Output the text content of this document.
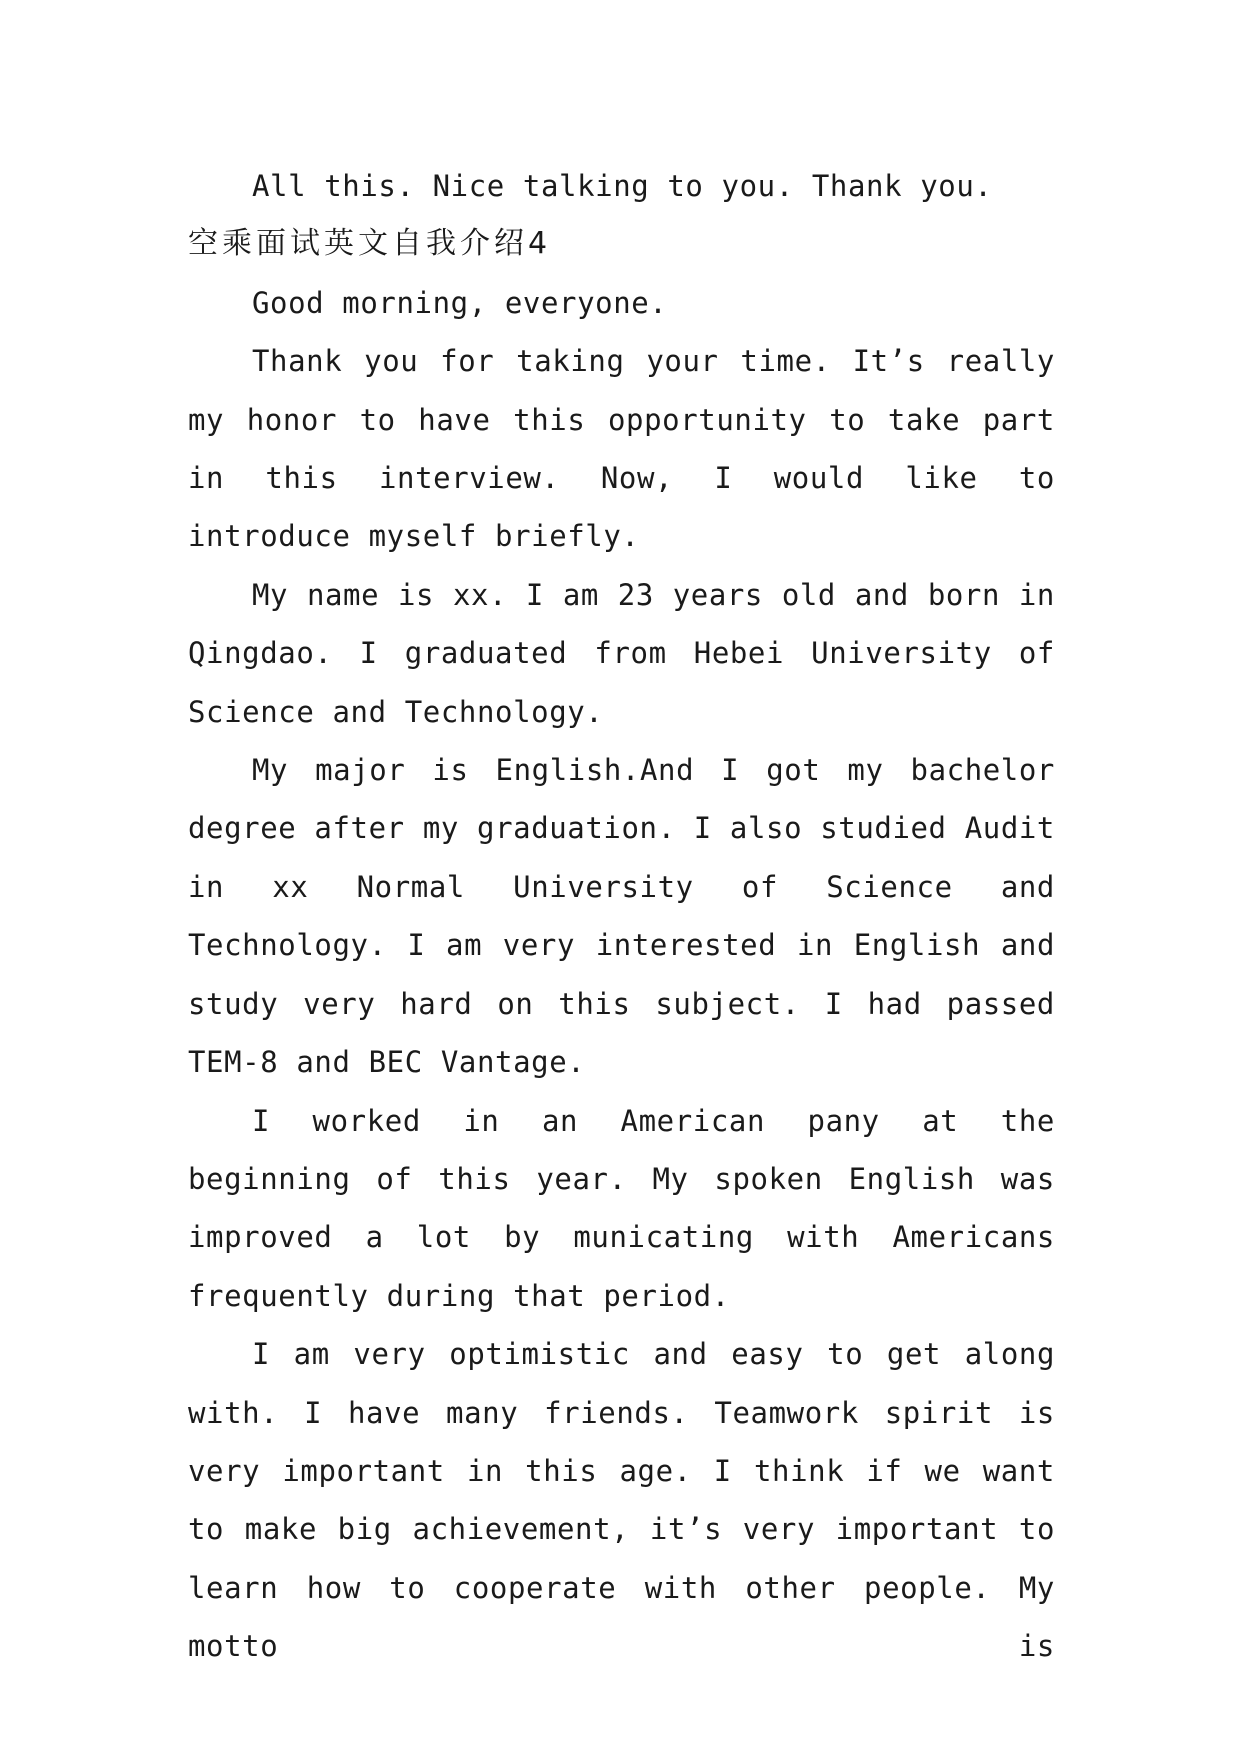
All this. Nice talking to you. Thank you.

空乘面试英文自我介绍4

Good morning, everyone.

Thank you for taking your time. It’s really my honor to have this opportunity to take part in this interview. Now, I would like to introduce myself briefly.

My name is xx. I am 23 years old and born in Qingdao. I graduated from Hebei University of Science and Technology.

My major is English.And I got my bachelor degree after my graduation. I also studied Audit in xx Normal University of Science and Technology. I am very interested in English and study very hard on this subject. I had passed TEM-8 and BEC Vantage.

I worked in an American pany at the beginning of this year. My spoken English was improved a lot by municating with Americans frequently during that period.

I am very optimistic and easy to get along with. I have many friends. Teamwork spirit is very important in this age. I think if we want to make big achievement, it’s very important to learn how to cooperate with other people. My motto is
